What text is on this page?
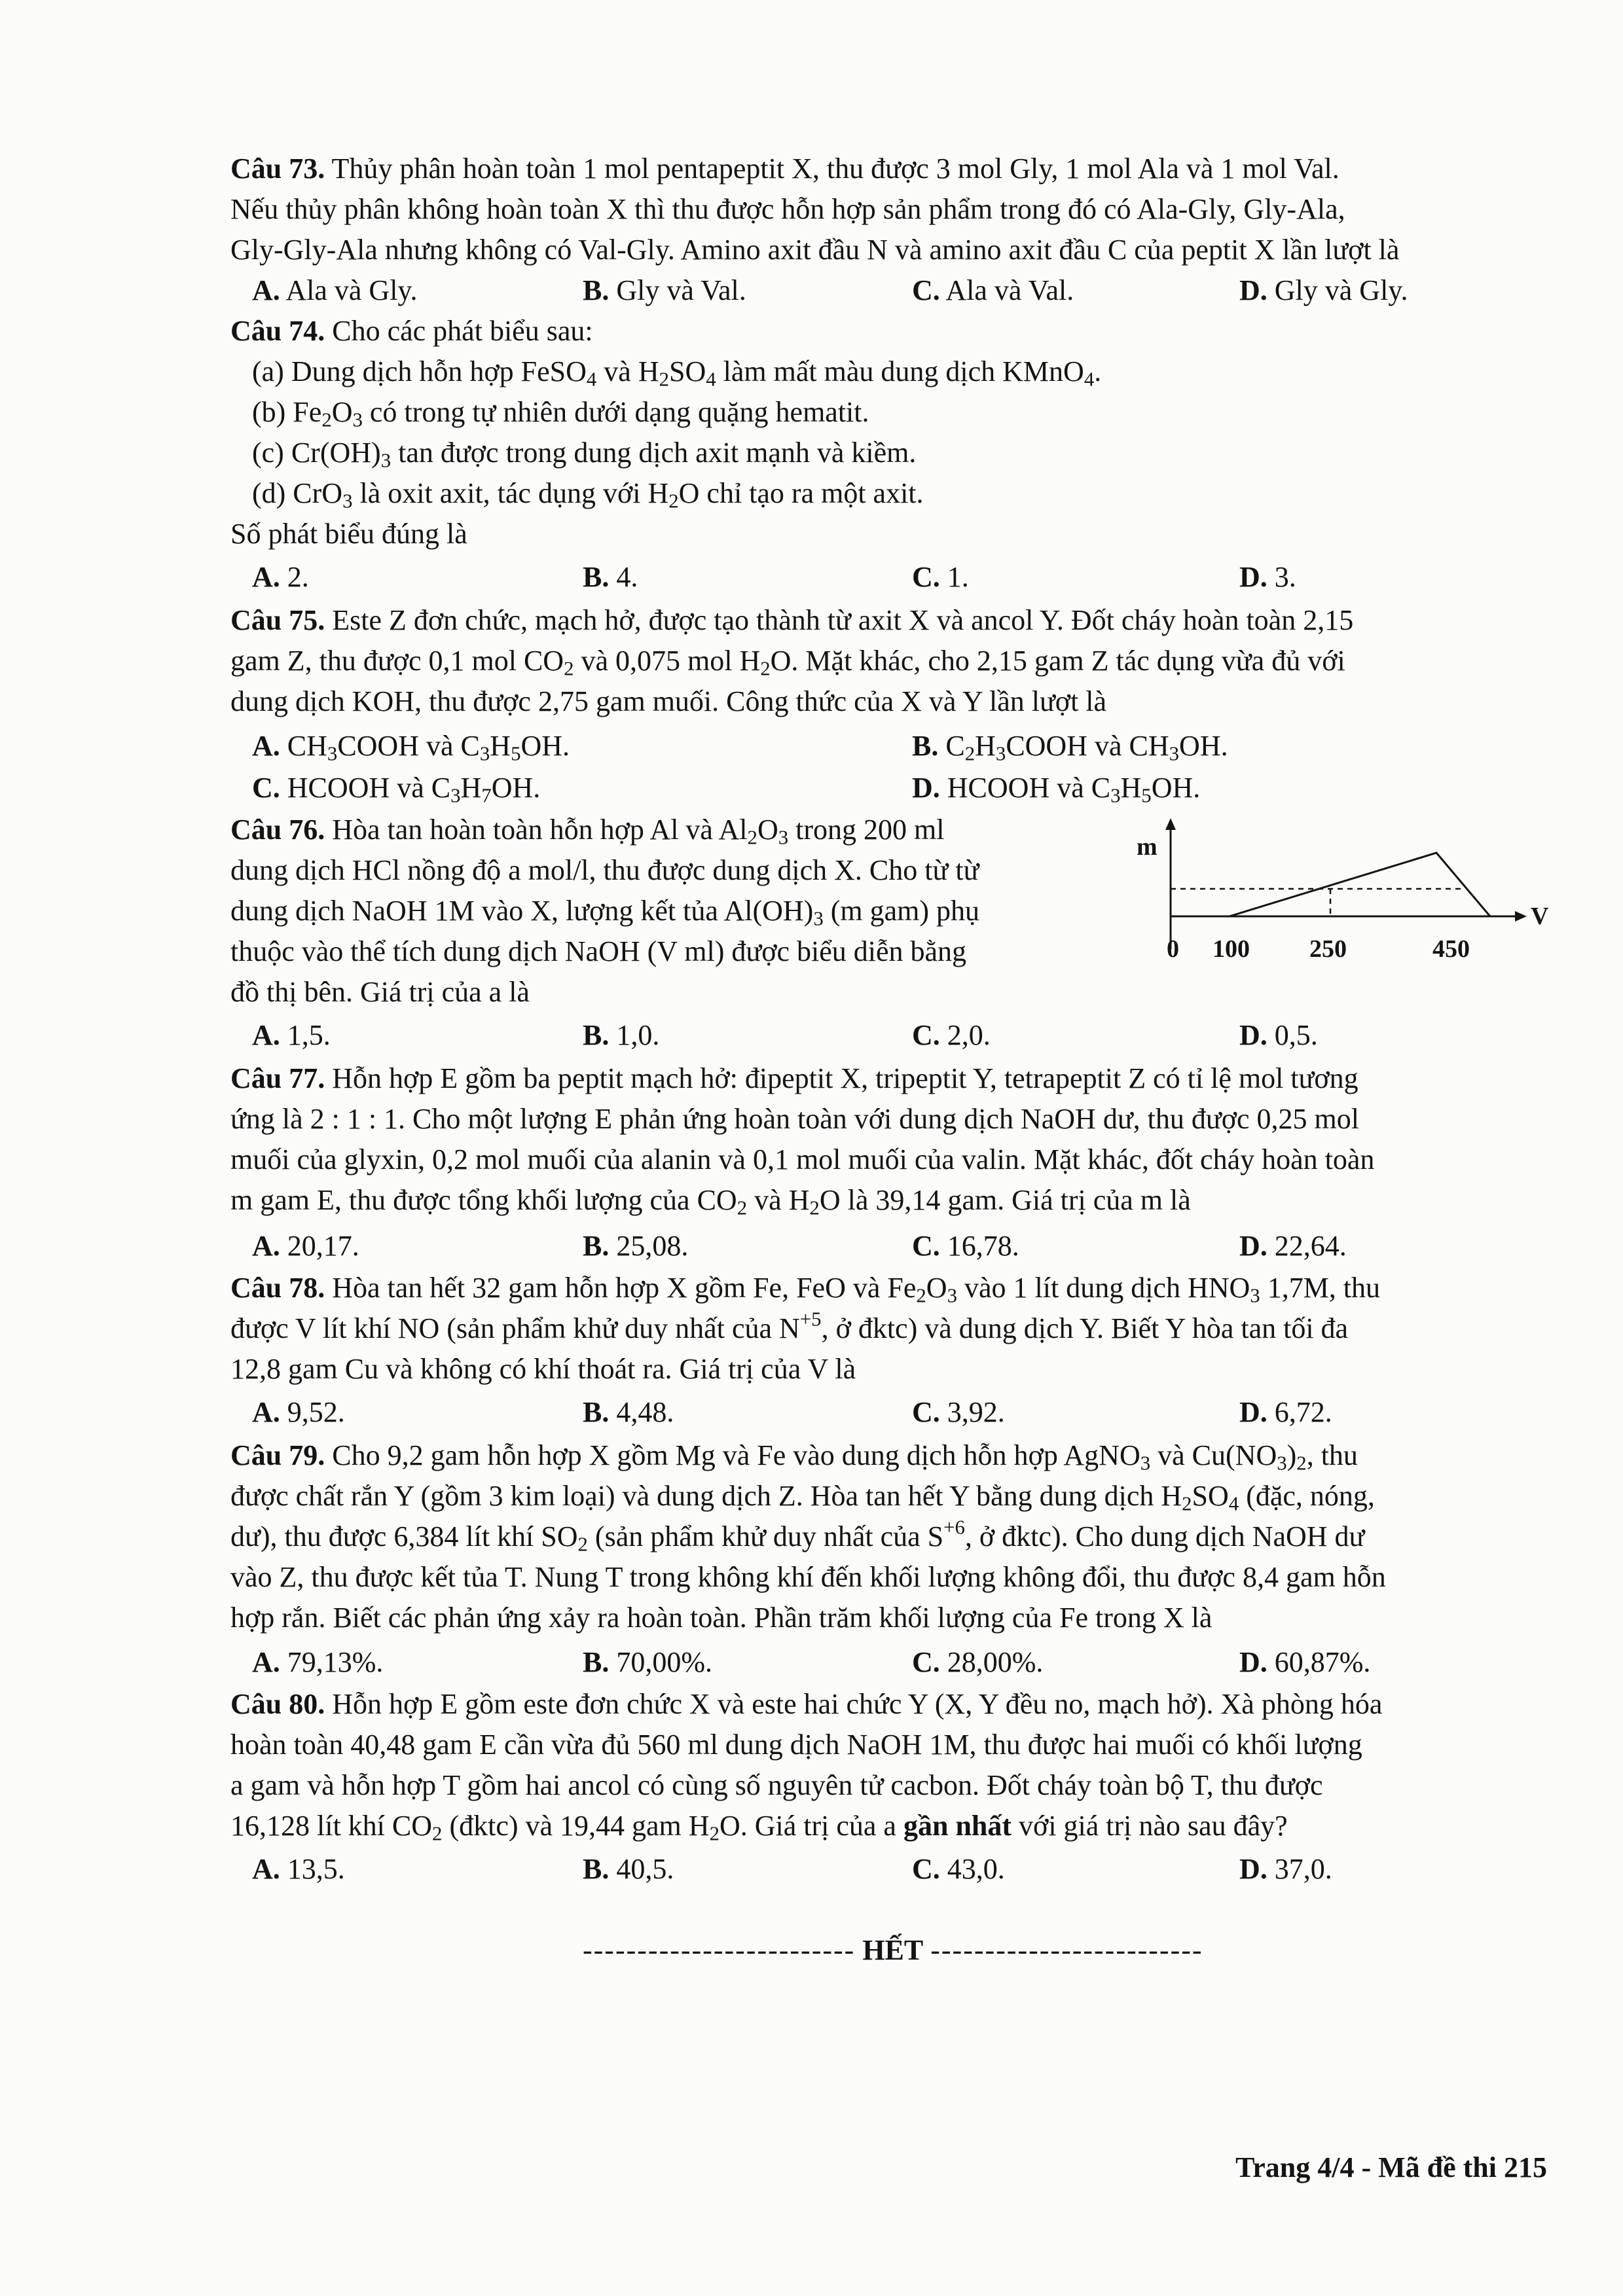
Câu 73. Thủy phân hoàn toàn 1 mol pentapeptit X, thu được 3 mol Gly, 1 mol Ala và 1 mol Val.
Nếu thủy phân không hoàn toàn X thì thu được hỗn hợp sản phẩm trong đó có Ala-Gly, Gly-Ala,
Gly-Gly-Ala nhưng không có Val-Gly. Amino axit đầu N và amino axit đầu C của peptit X lần lượt là
A. Ala và Gly.	B. Gly và Val.	C. Ala và Val.	D. Gly và Gly.
Câu 74. Cho các phát biểu sau:
(a) Dung dịch hỗn hợp FeSO$_4$ và $H_2SO_4$ làm mất màu dung dịch KMnO$_4$.
(b) $Fe_2O_3$ có trong tự nhiên dưới dạng quặng hematit.
(c) $Cr(OH)_3$ tan được trong dung dịch axit mạnh và kiềm.
(d) CrO$_3$ là oxit axit, tác dụng với $H_2O$ chỉ tạo ra một axit.
Số phát biểu đúng là
A. 2.	B. 4.	C. 1.	D. 3.
Câu 75. Este Z đơn chức, mạch hở, được tạo thành từ axit X và ancol Y. Đốt cháy hoàn toàn 2,15
gam Z, thu được 0,1 mol $CO_2$ và 0,075 mol $H_2O$. Mặt khác, cho 2,15 gam Z tác dụng vừa đủ với
dung dịch KOH, thu được 2,75 gam muối. Công thức của X và Y lần lượt là
A. $CH_3COOH$ và $C_3H_5OH$.	B. $C_2H_3COOH$ và $CH_3OH$.
C. HCOOH và $C_3H_7OH$.	D. HCOOH và $C_3H_5OH$.
Câu 76. Hòa tan hoàn toàn hỗn hợp Al và $Al_2O_3$ trong 200 ml
dung dịch HCl nồng độ a mol/l, thu được dung dịch X. Cho từ từ
dung dịch NaOH 1M vào X, lượng kết tủa $Al(OH)_3$ (m gam) phụ
thuộc vào thể tích dung dịch NaOH (V ml) được biểu diễn bằng
đồ thị bên. Giá trị của a là
m
V
0 100 250	450
A. 1,5.	B. 1,0.	C. 2,0.	D. 0,5.
Câu 77. Hỗn hợp E gồm ba peptit mạch hở: đipeptit X, tripeptit Y, tetrapeptit Z có tỉ lệ mol tương
ứng là 2 : 1 : 1. Cho một lượng E phản ứng hoàn toàn với dung dịch NaOH dư, thu được 0,25 mol
muối của glyxin, 0,2 mol muối của alanin và 0,1 mol muối của valin. Mặt khác, đốt cháy hoàn toàn
m gam E, thu được tổng khối lượng của $CO_2$ và $H_2O$ là 39,14 gam. Giá trị của m là
A. 20,17.	B. 25,08.	C. 16,78.	D. 22,64.
Câu 78. Hòa tan hết 32 gam hỗn hợp X gồm Fe, FeO và $Fe_2O_3$ vào 1 lít dung dịch $HNO_3$ 1,7M, thu
được V lít khí NO (sản phẩm khử duy nhất của $N^{+5}$, ở đktc) và dung dịch Y. Biết Y hòa tan tối đa
12,8 gam Cu và không có khí thoát ra. Giá trị của V là
A. 9,52.	B. 4,48.	C. 3,92.	D. 6,72.
Câu 79. Cho 9,2 gam hỗn hợp X gồm Mg và Fe vào dung dịch hỗn hợp AgNO$_3$ và $Cu(NO_3)_2$, thu
được chất rắn Y (gồm 3 kim loại) và dung dịch Z. Hòa tan hết Y bằng dung dịch $H_2SO_4$ (đặc, nóng,
dư), thu được 6,384 lít khí $SO_2$ (sản phẩm khử duy nhất của $S^{+6}$, ở đktc). Cho dung dịch NaOH dư
vào Z, thu được kết tủa T. Nung T trong không khí đến khối lượng không đổi, thu được 8,4 gam hỗn
hợp rắn. Biết các phản ứng xảy ra hoàn toàn. Phần trăm khối lượng của Fe trong X là
A. 79,13%.	B. 70,00%.	C. 28,00%.	D. 60,87%.
Câu 80. Hỗn hợp E gồm este đơn chức X và este hai chức Y (X, Y đều no, mạch hở). Xà phòng hóa
hoàn toàn 40,48 gam E cần vừa đủ 560 ml dung dịch NaOH 1M, thu được hai muối có khối lượng
a gam và hỗn hợp T gồm hai ancol có cùng số nguyên tử cacbon. Đốt cháy toàn bộ T, thu được
16,128 lít khí $CO_2$ (đktc) và 19,44 gam $H_2O$. Giá trị của a gần nhất với giá trị nào sau đây?
A. 13,5.	B. 40,5.	C. 43,0.	D. 37,0.
------------------------- HẾT -------------------------
Trang 4/4 - Mã đề thi 215
